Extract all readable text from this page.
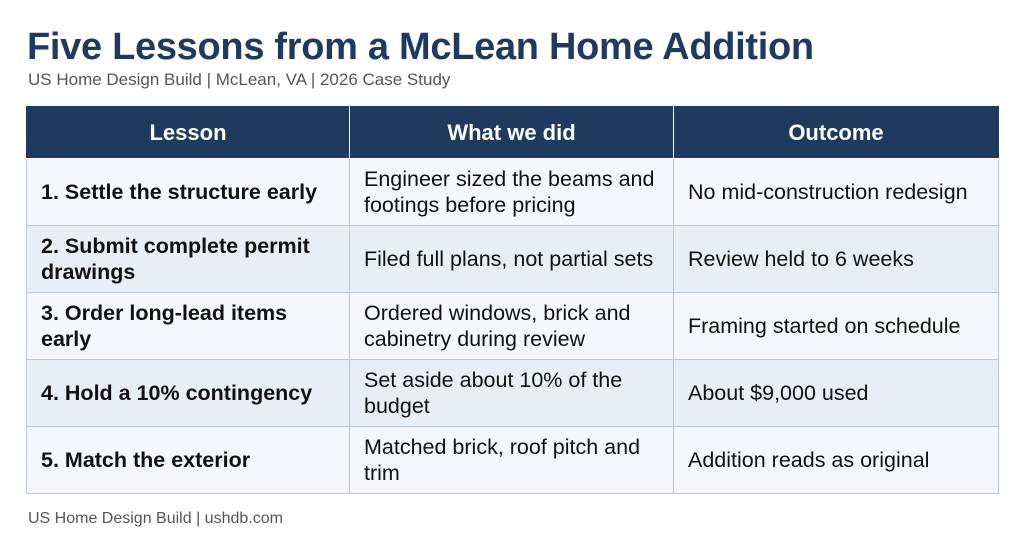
Five Lessons from a McLean Home Addition
US Home Design Build | McLean, VA | 2026 Case Study
Lesson	What we did	Outcome
1. Settle the structure early	Engineer sized the beams and footings before pricing	No mid-construction redesign
2. Submit complete permit drawings	Filed full plans, not partial sets	Review held to 6 weeks
3. Order long-lead items early	Ordered windows, brick and cabinetry during review	Framing started on schedule
4. Hold a 10% contingency	Set aside about 10% of the budget	About $9,000 used
5. Match the exterior	Matched brick, roof pitch and trim	Addition reads as original
US Home Design Build | ushdb.com
